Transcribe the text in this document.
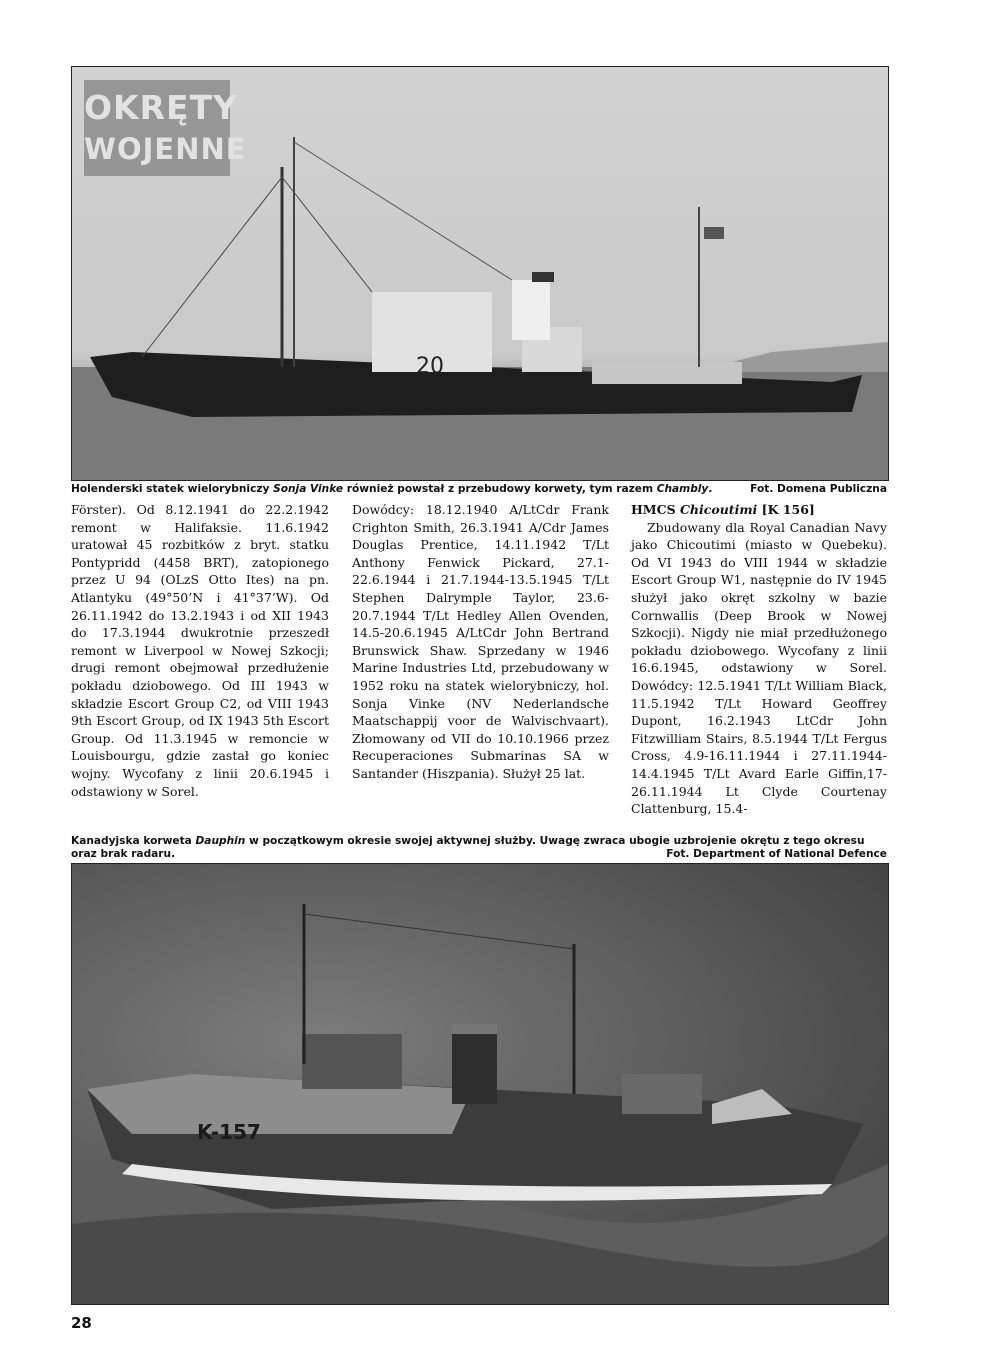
20
OKRĘTY
WOJENNE
Holenderski statek wielorybniczy Sonja Vinke również powstał z przebudowy korwety, tym razem Chambly.	Fot. Domena Publiczna

Förster). Od 8.12.1941 do 22.2.1942 remont w Halifaksie. 11.6.1942 uratował 45 rozbitków z bryt. statku Pontypridd (4458 BRT), zatopionego przez U 94 (OLzS Otto Ites) na pn. Atlantyku (49°50’N i 41°37’W). Od 26.11.1942 do 13.2.1943 i od XII 1943 do 17.3.1944 dwukrotnie przeszedł remont w Liverpool w Nowej Szkocji; drugi remont obejmował przedłużenie pokładu dziobowego. Od III 1943 w składzie Escort Group C2, od VIII 1943 9th Escort Group, od IX 1943 5th Escort Group. Od 11.3.1945 w remoncie w Louisbourgu, gdzie zastał go koniec wojny. Wycofany z linii 20.6.1945 i odstawiony w Sorel.

Dowódcy: 18.12.1940 A/LtCdr Frank Crighton Smith, 26.3.1941 A/Cdr James Douglas Prentice, 14.11.1942 T/Lt Anthony Fenwick Pickard, 27.1-22.6.1944 i 21.7.1944-13.5.1945 T/Lt Stephen Dalrymple Taylor, 23.6-20.7.1944 T/Lt Hedley Allen Ovenden, 14.5-20.6.1945 A/LtCdr John Bertrand Brunswick Shaw. Sprzedany w 1946 Marine Industries Ltd, przebudowany w 1952 roku na statek wielorybniczy, hol. Sonja Vinke (NV Nederlandsche Maatschappij voor de Walvischvaart). Złomowany od VII do 10.10.1966 przez Recuperaciones Submarinas SA w Santander (Hiszpania). Służył 25 lat.

HMCS Chicoutimi [K 156]

Zbudowany dla Royal Canadian Navy jako Chicoutimi (miasto w Quebeku). Od VI 1943 do VIII 1944 w składzie Escort Group W1, następnie do IV 1945 służył jako okręt szkolny w bazie Cornwallis (Deep Brook w Nowej Szkocji). Nigdy nie miał przedłużonego pokładu dziobowego. Wycofany z linii 16.6.1945, odstawiony w Sorel. Dowódcy: 12.5.1941 T/Lt William Black, 11.5.1942 T/Lt Howard Geoffrey Dupont, 16.2.1943 LtCdr John Fitzwilliam Stairs, 8.5.1944 T/Lt Fergus Cross, 4.9-16.11.1944 i 27.11.1944-14.4.1945 T/Lt Avard Earle Giffin,17-26.11.1944 Lt Clyde Courtenay Clattenburg, 15.4-

Kanadyjska korweta Dauphin w początkowym okresie swojej aktywnej służby. Uwagę zwraca ubogie uzbrojenie okrętu z tego okresu oraz brak radaru.	Fot. Department of National Defence
K-157
28
